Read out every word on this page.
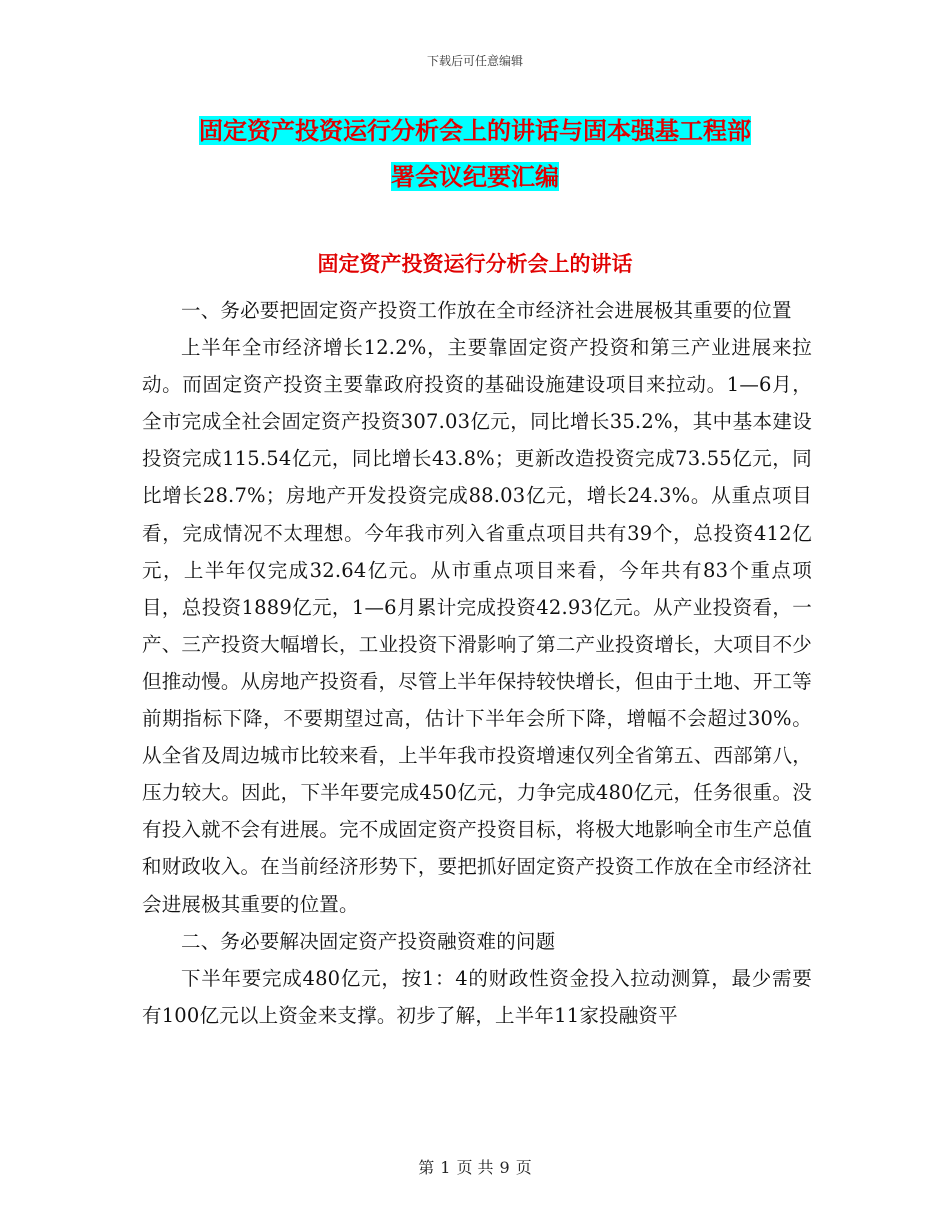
下载后可任意编辑
固定资产投资运行分析会上的讲话与固本强基工程部
署会议纪要汇编
固定资产投资运行分析会上的讲话

一、务必要把固定资产投资工作放在全市经济社会进展极其重要的位置

上半年全市经济增长12.2%，主要靠固定资产投资和第三产业进展来拉动。而固定资产投资主要靠政府投资的基础设施建设项目来拉动。1—6月，全市完成全社会固定资产投资307.03亿元，同比增长35.2%，其中基本建设投资完成115.54亿元，同比增长43.8%；更新改造投资完成73.55亿元，同比增长28.7%；房地产开发投资完成88.03亿元，增长24.3%。从重点项目看，完成情况不太理想。今年我市列入省重点项目共有39个，总投资412亿元，上半年仅完成32.64亿元。从市重点项目来看，今年共有83个重点项目，总投资1889亿元，1—6月累计完成投资42.93亿元。从产业投资看，一产、三产投资大幅增长，工业投资下滑影响了第二产业投资增长，大项目不少但推动慢。从房地产投资看，尽管上半年保持较快增长，但由于土地、开工等前期指标下降，不要期望过高，估计下半年会所下降，增幅不会超过30%。从全省及周边城市比较来看，上半年我市投资增速仅列全省第五、西部第八，压力较大。因此，下半年要完成450亿元，力争完成480亿元，任务很重。没有投入就不会有进展。完不成固定资产投资目标，将极大地影响全市生产总值和财政收入。在当前经济形势下，要把抓好固定资产投资工作放在全市经济社会进展极其重要的位置。

二、务必要解决固定资产投资融资难的问题

下半年要完成480亿元，按1：4的财政性资金投入拉动测算，最少需要有100亿元以上资金来支撑。初步了解，上半年11家投融资平

第 1 页 共 9 页
